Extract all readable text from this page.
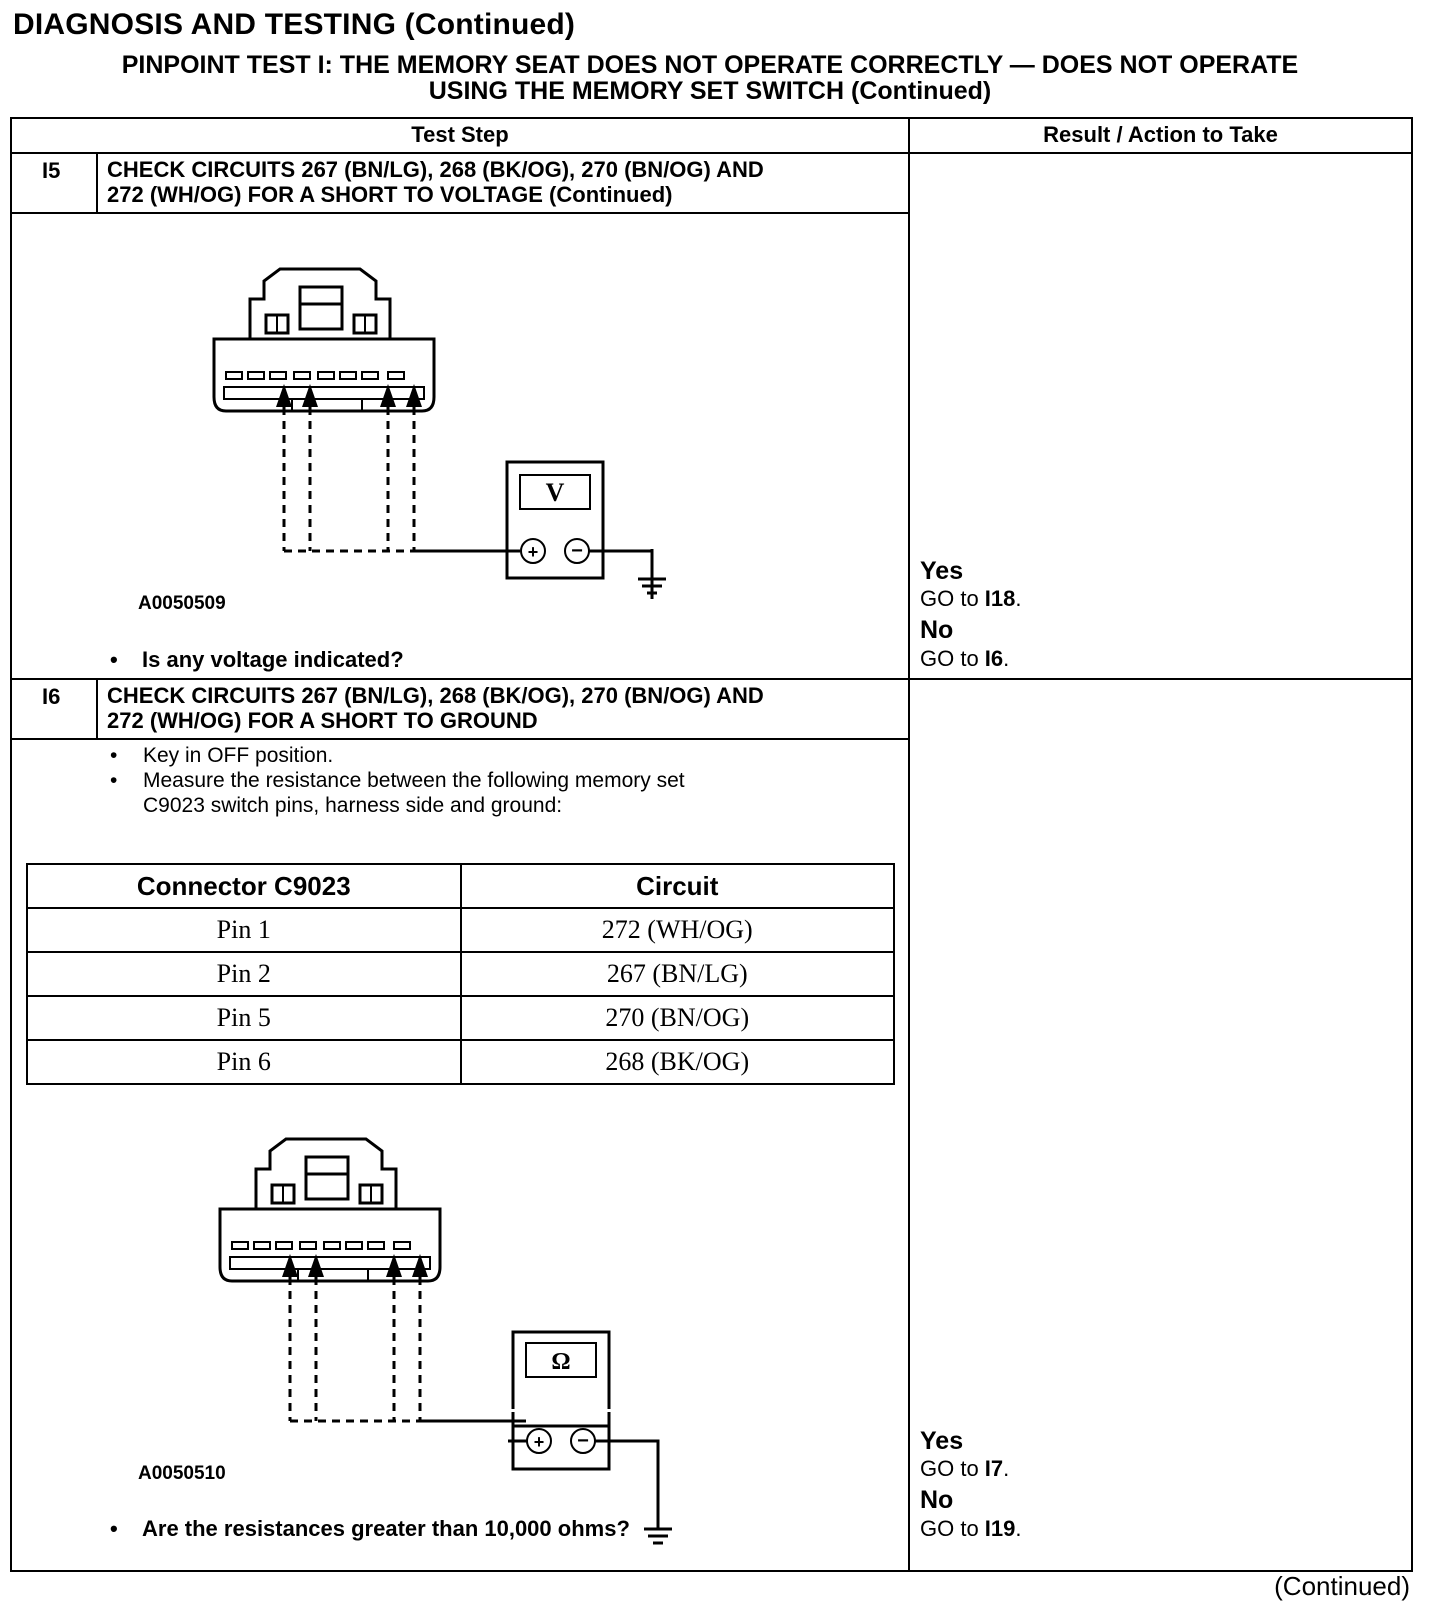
DIAGNOSIS AND TESTING (Continued)
PINPOINT TEST I: THE MEMORY SEAT DOES NOT OPERATE CORRECTLY — DOES NOT OPERATE
USING THE MEMORY SET SWITCH (Continued)
Test Step	Result / Action to Take
I5 CHECK CIRCUITS 267 (BN/LG), 268 (BK/OG), 270 (BN/OG) AND
272 (WH/OG) FOR A SHORT TO VOLTAGE (Continued)
+ −
V
A0050509
• Is any voltage indicated?
Yes
GO to I18.
No
GO to I6.
I6 CHECK CIRCUITS 267 (BN/LG), 268 (BK/OG), 270 (BN/OG) AND
272 (WH/OG) FOR A SHORT TO GROUND
• Key in OFF position.
• Measure the resistance between the following memory set
C9023 switch pins, harness side and ground:
Ω
+ −
A0050510
• Are the resistances greater than 10,000 ohms?
Yes
GO to I7.
No
GO to I19.
Connector C9023	Circuit
Pin 1	272 (WH/OG)
Pin 2	267 (BN/LG)
Pin 5	270 (BN/OG)
Pin 6	268 (BK/OG)
(Continued)
